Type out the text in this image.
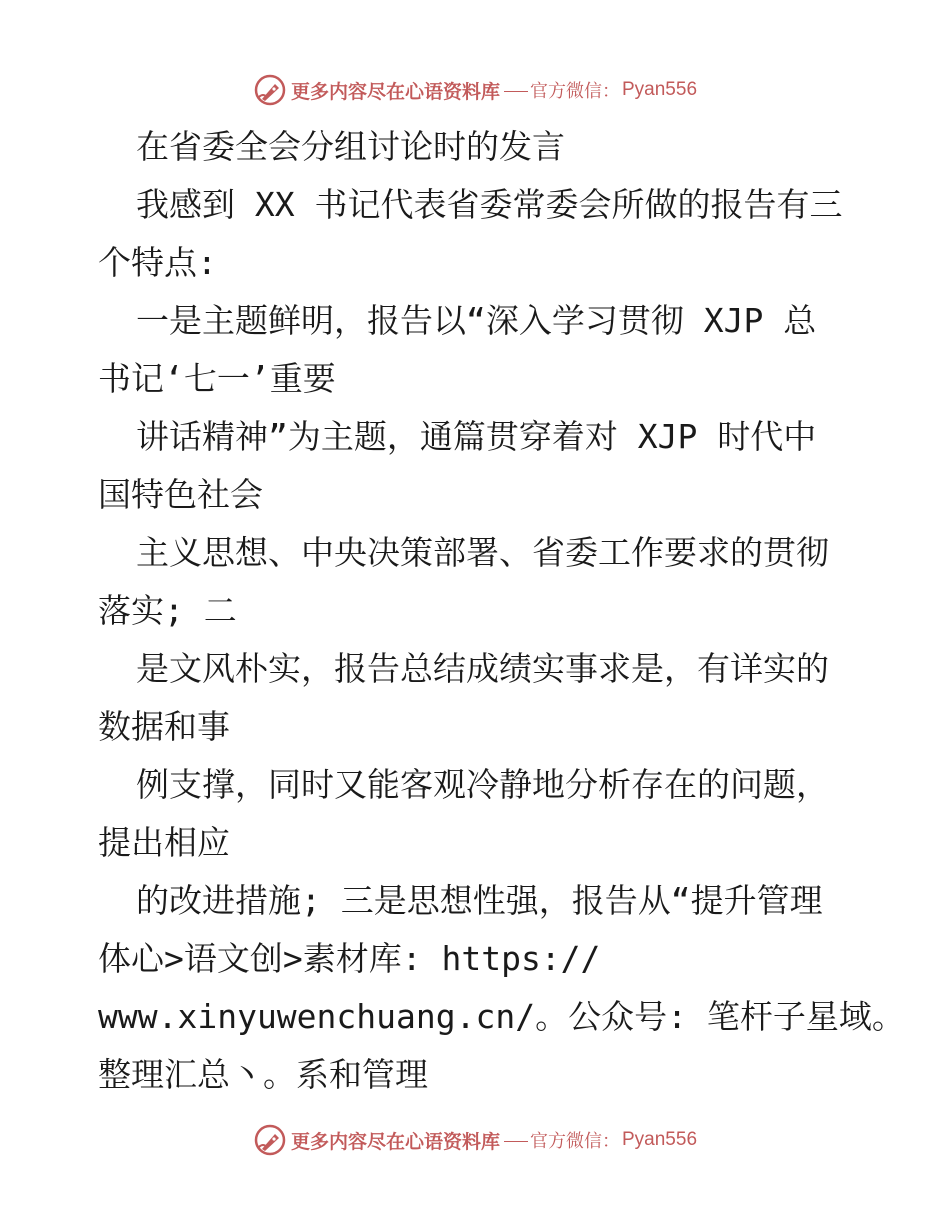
更多内容尽在心语资料库 官方微信： Pyan556

在省委全会分组讨论时的发言

我感到 XX 书记代表省委常委会所做的报告有三

个特点:

一是主题鲜明，报告以“深入学习贯彻 XJP 总

书记‘七一’重要

讲话精神”为主题，通篇贯穿着对 XJP 时代中

国特色社会

主义思想、中央决策部署、省委工作要求的贯彻

落实; 二

是文风朴实，报告总结成绩实事求是，有详实的

数据和事

例支撑，同时又能客观冷静地分析存在的问题，

提出相应

的改进措施; 三是思想性强，报告从“提升管理

体心>语文创>素材库: https://

www.xinyuwenchuang.cn/。公众号: 笔杆子星域。

整理汇总丶。系和管理

更多内容尽在心语资料库 官方微信： Pyan556
